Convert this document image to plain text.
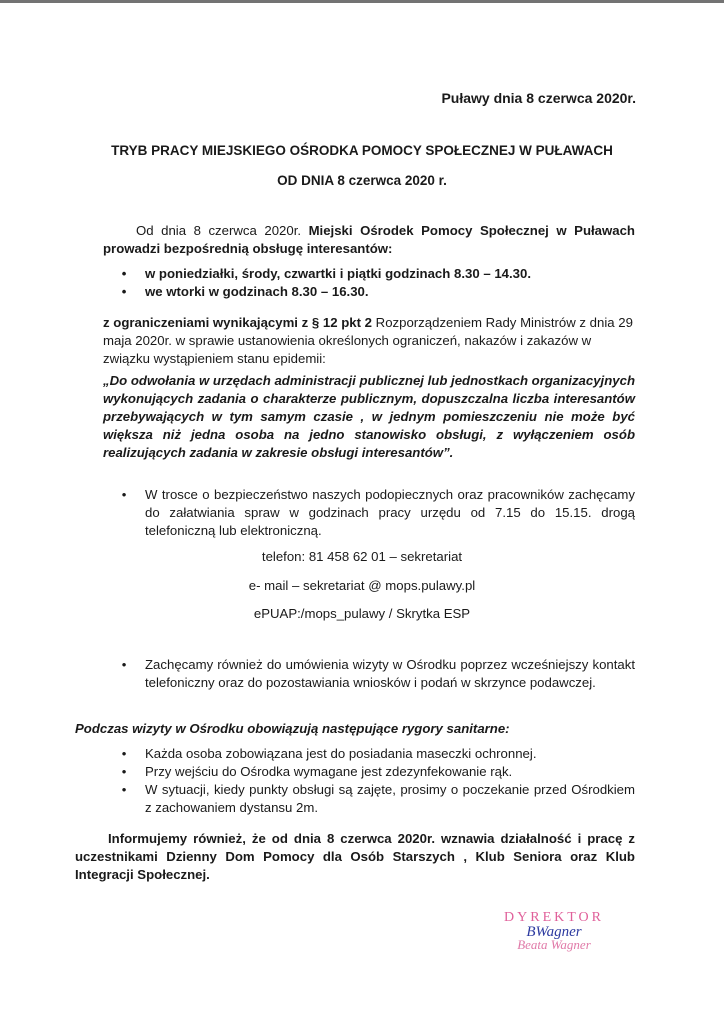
Puławy dnia 8 czerwca 2020r.
TRYB PRACY MIEJSKIEGO OŚRODKA POMOCY SPOŁECZNEJ W PUŁAWACH
OD DNIA 8 czerwca 2020 r.
Od dnia 8 czerwca 2020r. Miejski Ośrodek Pomocy Społecznej w Puławach prowadzi bezpośrednią obsługę interesantów:
•	w poniedziałki, środy, czwartki i piątki godzinach 8.30 – 14.30.
•	we wtorki w godzinach 8.30 – 16.30.
z ograniczeniami wynikającymi z § 12 pkt 2 Rozporządzeniem Rady Ministrów z dnia 29 maja 2020r. w sprawie ustanowienia określonych ograniczeń, nakazów i zakazów w związku wystąpieniem stanu epidemii:
„Do odwołania w urzędach administracji publicznej lub jednostkach organizacyjnych wykonujących zadania o charakterze publicznym, dopuszczalna liczba interesantów przebywających w tym samym czasie , w jednym pomieszczeniu nie może być większa niż jedna osoba na jedno stanowisko obsługi, z wyłączeniem osób realizujących zadania w zakresie obsługi interesantów”.
•	W trosce o bezpieczeństwo naszych podopiecznych oraz pracowników zachęcamy do załatwiania spraw w godzinach pracy urzędu od 7.15 do 15.15. drogą telefoniczną lub elektroniczną.
telefon: 81 458 62 01 – sekretariat
e- mail – sekretariat @ mops.pulawy.pl
ePUAP:/mops_pulawy / Skrytka ESP
•	Zachęcamy również do umówienia wizyty w Ośrodku poprzez wcześniejszy kontakt telefoniczny oraz do pozostawiania wniosków i podań w skrzynce podawczej.
Podczas wizyty w Ośrodku obowiązują następujące rygory sanitarne:
•	Każda osoba zobowiązana jest do posiadania maseczki ochronnej.
•	Przy wejściu do Ośrodka wymagane jest zdezynfekowanie rąk.
•	W sytuacji, kiedy punkty obsługi są zajęte, prosimy o poczekanie przed Ośrodkiem z zachowaniem dystansu 2m.
Informujemy również, że od dnia 8 czerwca 2020r. wznawia działalność i pracę z uczestnikami Dzienny Dom Pomocy dla Osób Starszych , Klub Seniora oraz Klub Integracji Społecznej.
DYREKTOR
BWagner
Beata Wagner
